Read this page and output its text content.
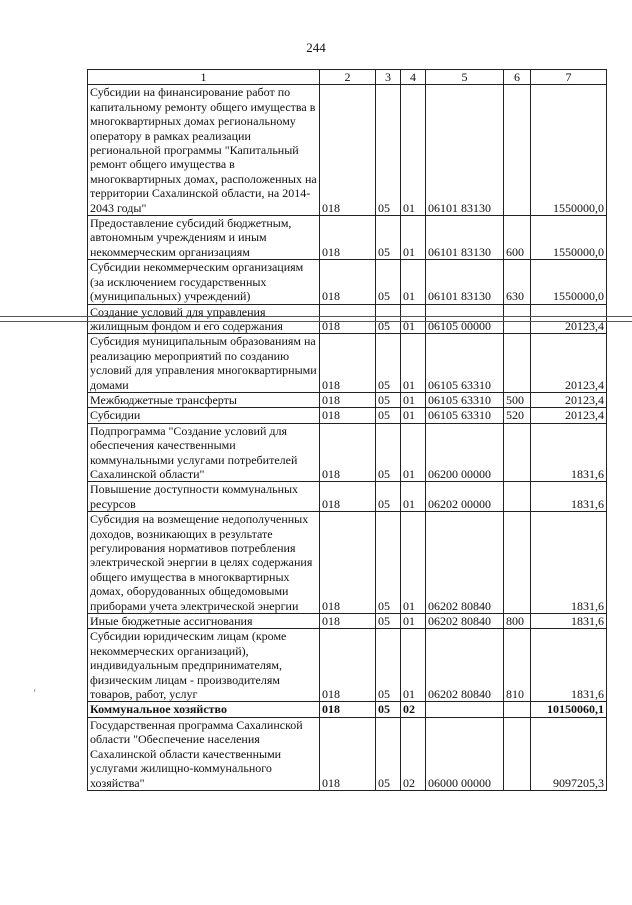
244
1	2	3	4	5	6	7
Субсидии на финансирование работ по капитальному ремонту общего имущества в многоквартирных домах региональному оператору в рамках реализации региональной программы "Капитальный ремонт общего имущества в многоквартирных домах, расположенных на территории Сахалинской области, на 2014-2043 годы"	018	05	01	06101 83130		1550000,0
Предоставление субсидий бюджетным, автономным учреждениям и иным некоммерческим организациям	018	05	01	06101 83130	600	1550000,0
Субсидии некоммерческим организациям (за исключением государственных (муниципальных) учреждений)	018	05	01	06101 83130	630	1550000,0
Создание условий для управления жилищным фондом и его содержания	018	05	01	06105 00000		20123,4
Субсидия муниципальным образованиям на реализацию мероприятий по созданию условий для управления многоквартирными домами	018	05	01	06105 63310		20123,4
Межбюджетные трансферты	018	05	01	06105 63310	500	20123,4
Субсидии	018	05	01	06105 63310	520	20123,4
Подпрограмма "Создание условий для обеспечения качественными коммунальными услугами потребителей Сахалинской области"	018	05	01	06200 00000		1831,6
Повышение доступности коммунальных ресурсов	018	05	01	06202 00000		1831,6
Субсидия на возмещение недополученных доходов, возникающих в результате регулирования нормативов потребления электрической энергии в целях содержания общего имущества в многоквартирных домах, оборудованных общедомовыми приборами учета электрической энергии	018	05	01	06202 80840		1831,6
Иные бюджетные ассигнования	018	05	01	06202 80840	800	1831,6
Субсидии юридическим лицам (кроме некоммерческих организаций), индивидуальным предпринимателям, физическим лицам - производителям товаров, работ, услуг	018	05	01	06202 80840	810	1831,6
Коммунальное хозяйство	018	05	02			10150060,1
Государственная программа Сахалинской области "Обеспечение населения Сахалинской области качественными услугами жилищно-коммунального хозяйства"	018	05	02	06000 00000		9097205,3
‘
